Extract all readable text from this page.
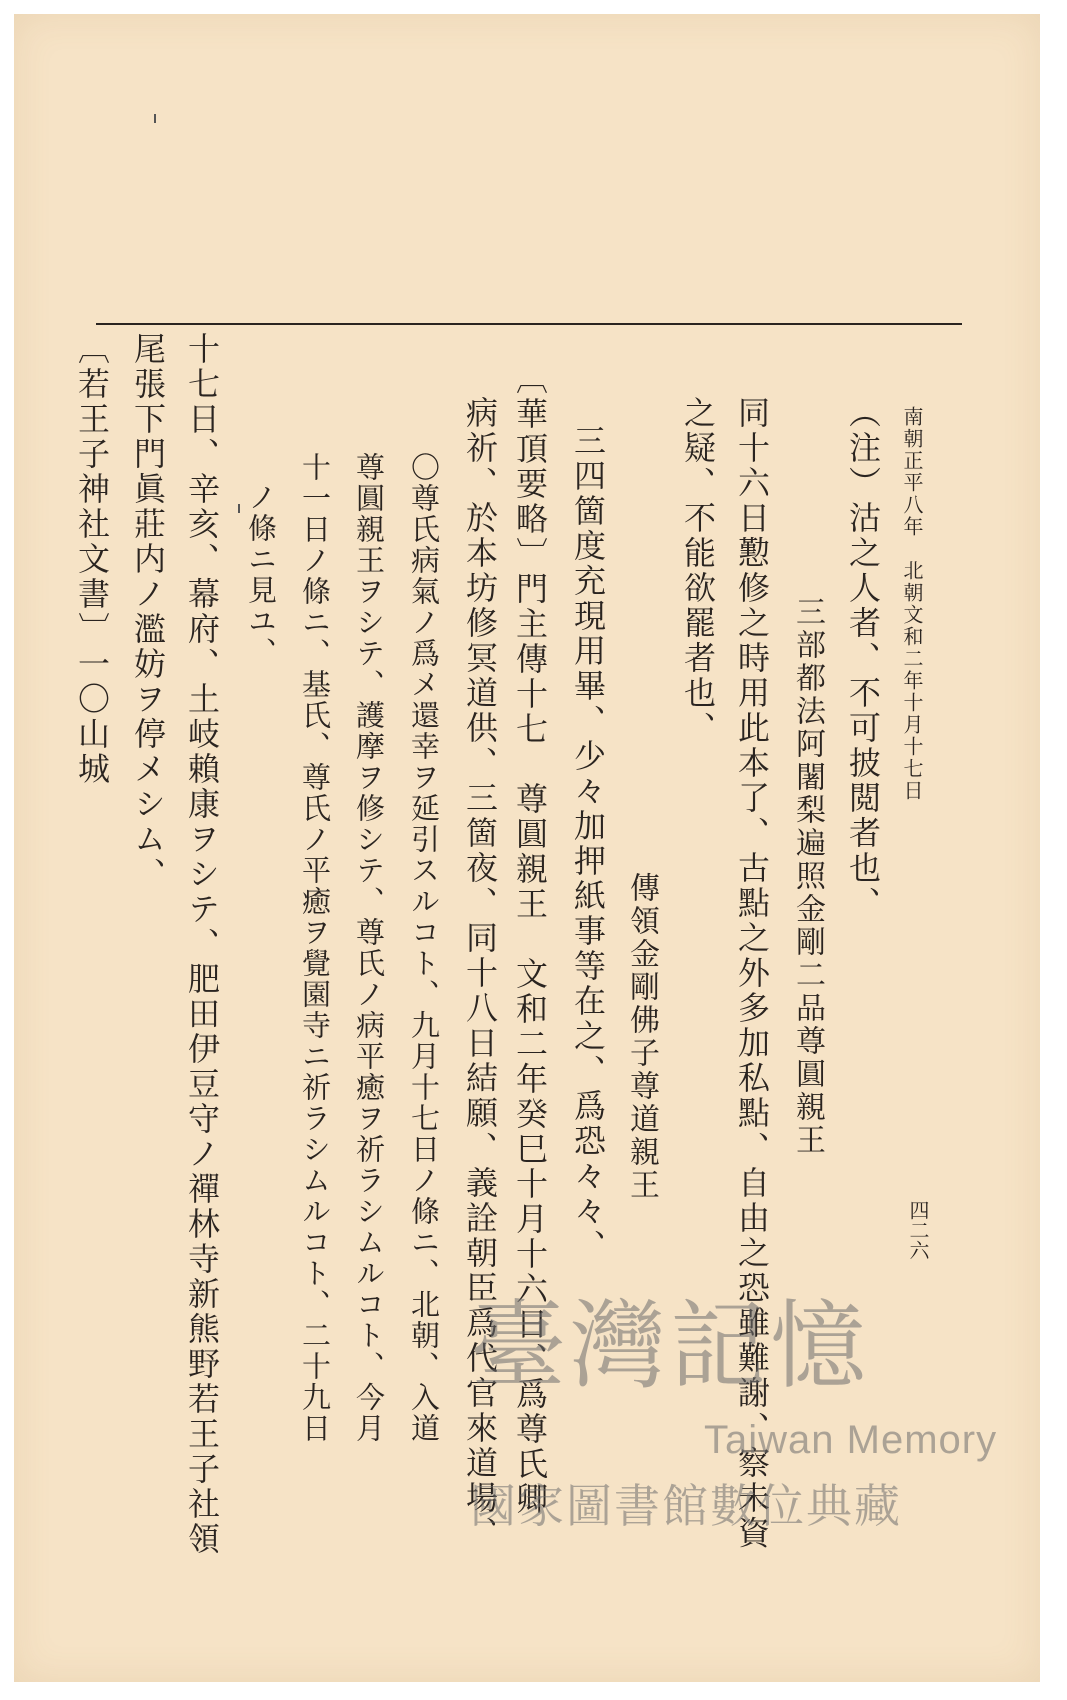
南朝正平八年　北朝文和二年十月十七日
四二六
（注）沽之人者、不可披閲者也、
三部都法阿闍梨遍照金剛二品尊圓親王
同十六日懃修之時用此本了、古點之外多加私點、自由之恐雖難謝、察未資
之疑、不能欲罷者也、
傳領金剛佛子尊道親王
三四箇度充現用畢、少々加押紙事等在之、爲恐々々、
〔華頂要略〕門主傳十七　尊圓親王　文和二年癸巳十月十六日、爲尊氏卿
病祈、於本坊修冥道供、三箇夜、同十八日結願、義詮朝臣爲代官來道場、
〇尊氏病氣ノ爲メ還幸ヲ延引スルコト、九月十七日ノ條ニ、北朝、入道
尊圓親王ヲシテ、護摩ヲ修シテ、尊氏ノ病平癒ヲ祈ラシムルコト、今月
十一日ノ條ニ、基氏、尊氏ノ平癒ヲ覺園寺ニ祈ラシムルコト、二十九日
ノ條ニ見ユ、
十七日、辛亥、幕府、土岐賴康ヲシテ、肥田伊豆守ノ禪林寺新熊野若王子社領
尾張下門眞莊内ノ濫妨ヲ停メシム、
〔若王子神社文書〕一〇山城
臺灣記憶
Taiwan Memory
國家圖書館數位典藏
